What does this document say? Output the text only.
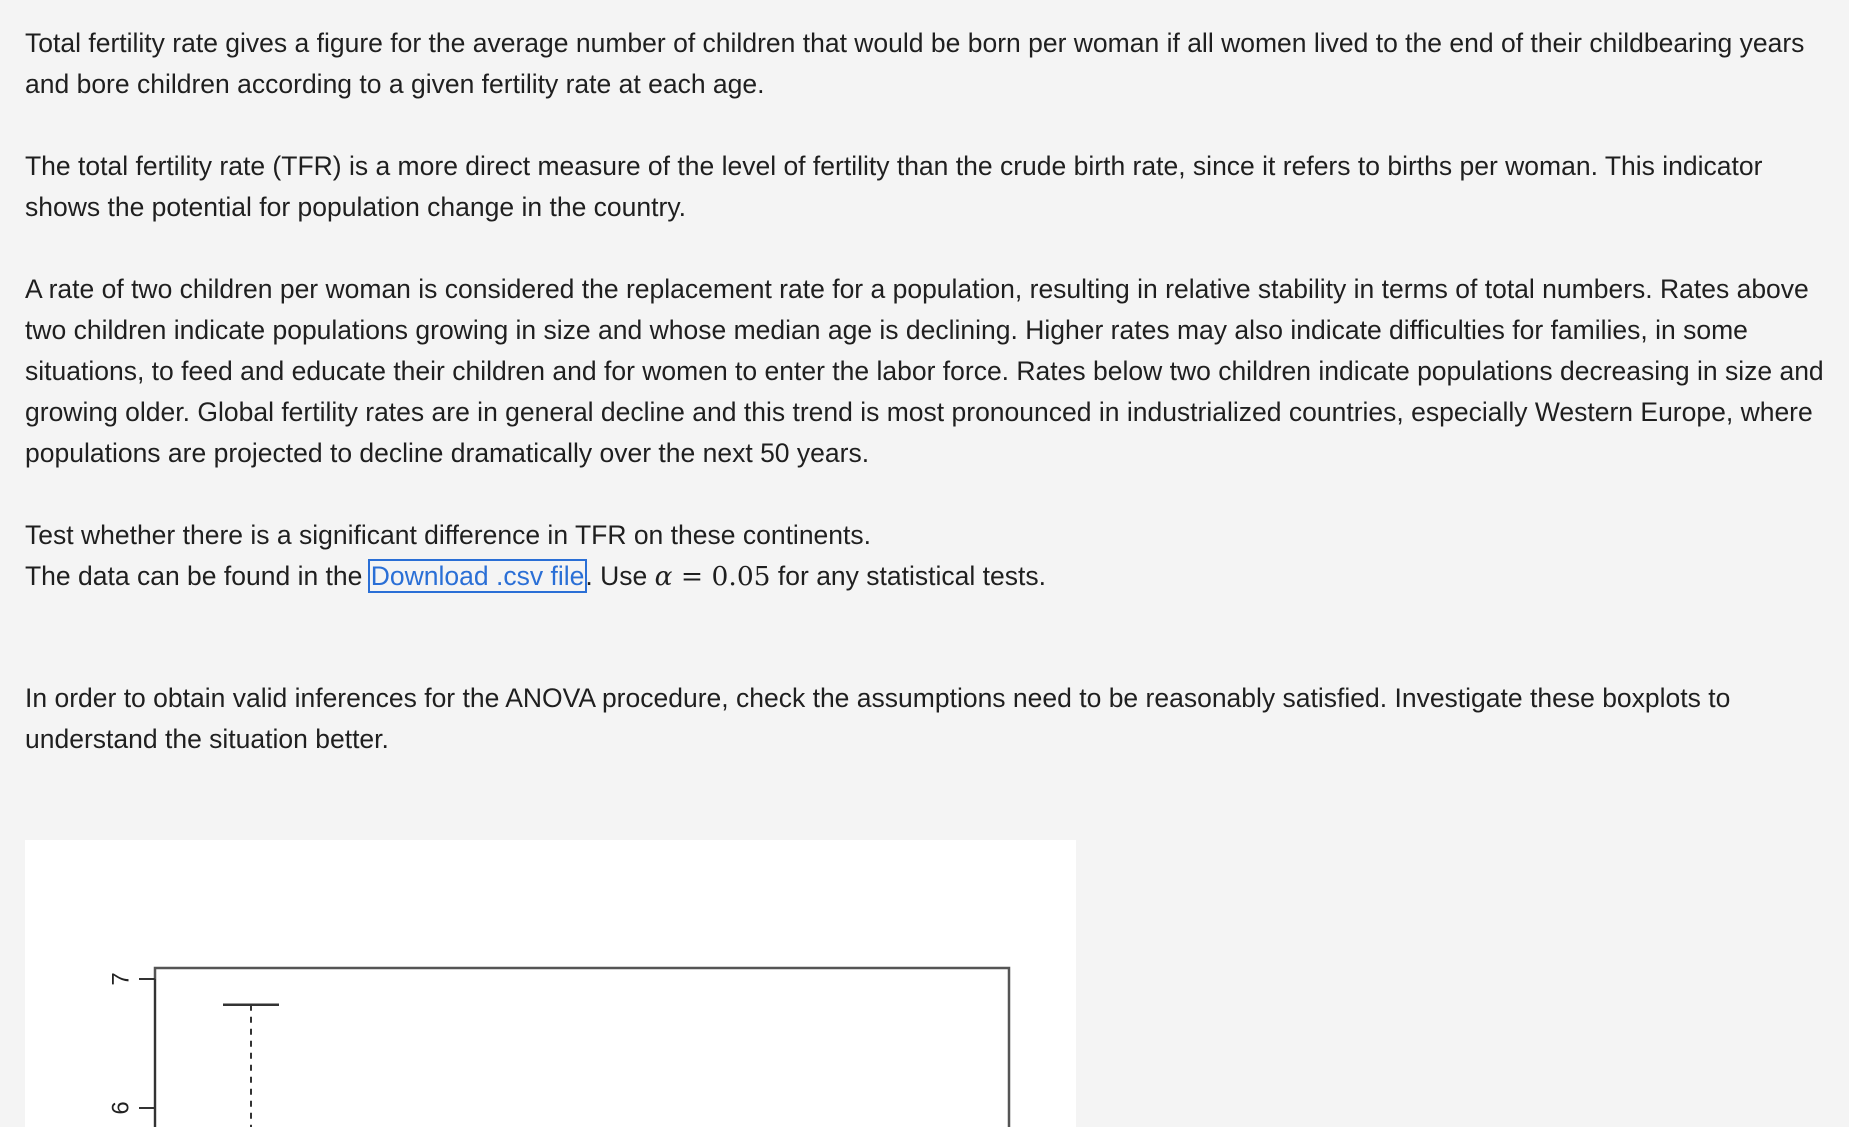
Total fertility rate gives a figure for the average number of children that would be born per woman if all women lived to the end of their childbearing years and bore children according to a given fertility rate at each age.

The total fertility rate (TFR) is a more direct measure of the level of fertility than the crude birth rate, since it refers to births per woman. This indicator shows the potential for population change in the country.

A rate of two children per woman is considered the replacement rate for a population, resulting in relative stability in terms of total numbers. Rates above two children indicate populations growing in size and whose median age is declining. Higher rates may also indicate difficulties for families, in some situations, to feed and educate their children and for women to enter the labor force. Rates below two children indicate populations decreasing in size and growing older. Global fertility rates are in general decline and this trend is most pronounced in industrialized countries, especially Western Europe, where populations are projected to decline dramatically over the next 50 years.

Test whether there is a significant difference in TFR on these continents.

The data can be found in the Download .csv file. Use α = 0.05 for any statistical tests.

In order to obtain valid inferences for the ANOVA procedure, check the assumptions need to be reasonably satisfied. Investigate these boxplots to understand the situation better.

6
7
